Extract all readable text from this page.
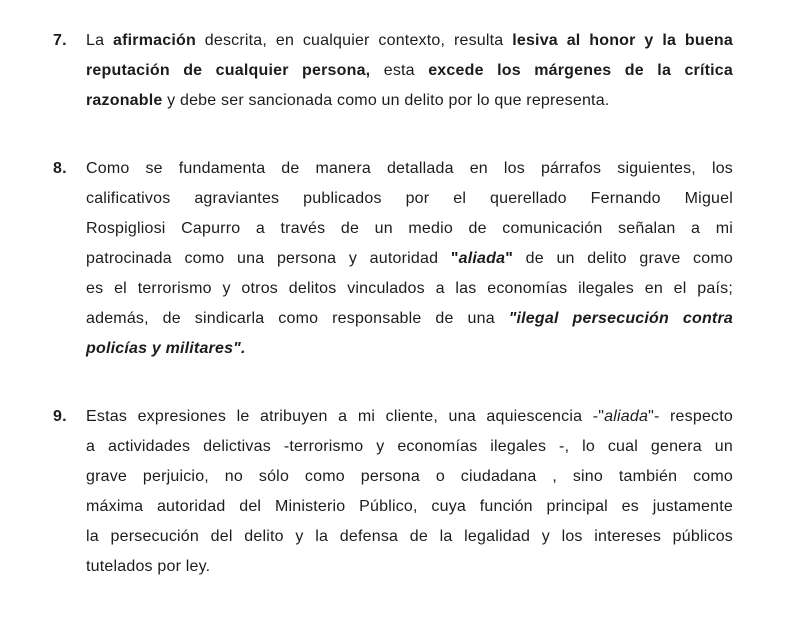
7.	La afirmación descrita, en cualquier contexto, resulta lesiva al honor y la buena
reputación de cualquier persona, esta excede los márgenes de la crítica
razonable y debe ser sancionada como un delito por lo que representa.
8.	Como se fundamenta de manera detallada en los párrafos siguientes, los
calificativos agraviantes publicados por el querellado Fernando Miguel
Rospigliosi Capurro a través de un medio de comunicación señalan a mi
patrocinada como una persona y autoridad "aliada" de un delito grave como
es el terrorismo y otros delitos vinculados a las economías ilegales en el país;
además, de sindicarla como responsable de una "ilegal persecución contra
policías y militares".
9.	Estas expresiones le atribuyen a mi cliente, una aquiescencia -"aliada"- respecto
a actividades delictivas -terrorismo y economías ilegales -, lo cual genera un
grave perjuicio, no sólo como persona o ciudadana , sino también como
máxima autoridad del Ministerio Público, cuya función principal es justamente
la persecución del delito y la defensa de la legalidad y los intereses públicos
tutelados por ley.
